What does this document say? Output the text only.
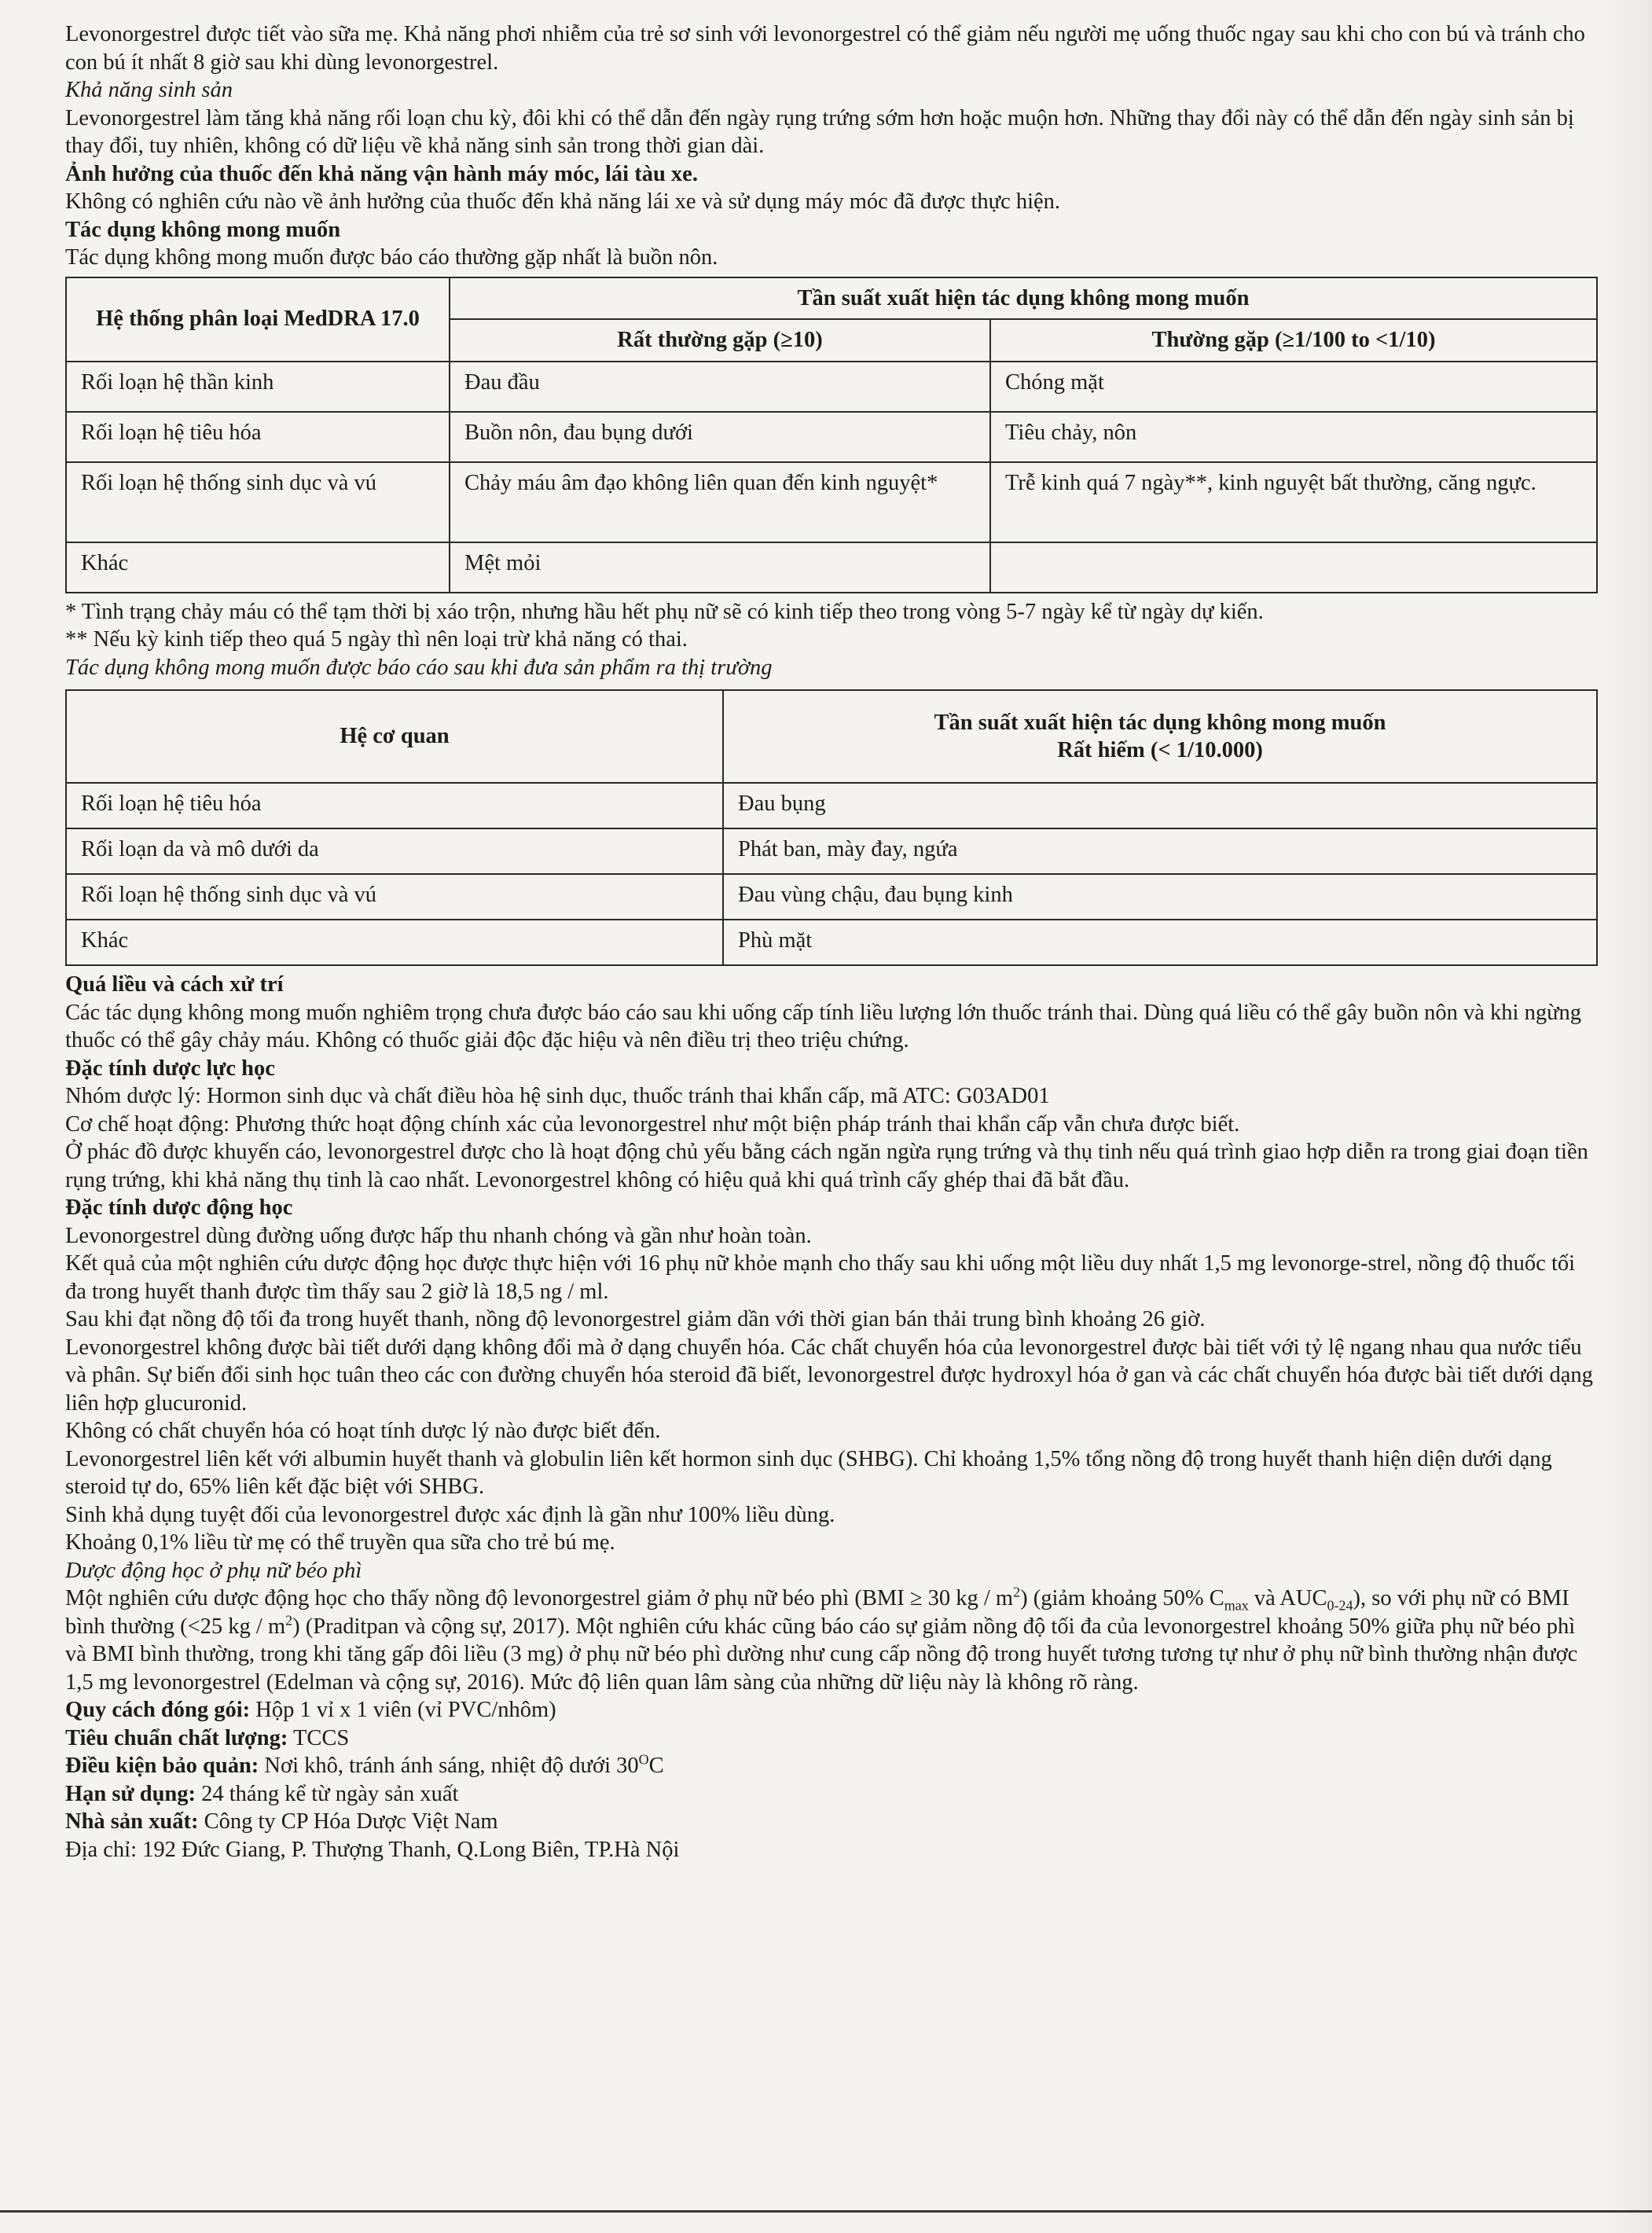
Levonorgestrel được tiết vào sữa mẹ. Khả năng phơi nhiễm của trẻ sơ sinh với levonorgestrel có thể giảm nếu người mẹ uống thuốc ngay sau khi cho con bú và tránh cho con bú ít nhất 8 giờ sau khi dùng levonorgestrel.

Khả năng sinh sản

Levonorgestrel làm tăng khả năng rối loạn chu kỳ, đôi khi có thể dẫn đến ngày rụng trứng sớm hơn hoặc muộn hơn. Những thay đổi này có thể dẫn đến ngày sinh sản bị thay đổi, tuy nhiên, không có dữ liệu về khả năng sinh sản trong thời gian dài.

Ảnh hưởng của thuốc đến khả năng vận hành máy móc, lái tàu xe.

Không có nghiên cứu nào về ảnh hưởng của thuốc đến khả năng lái xe và sử dụng máy móc đã được thực hiện.

Tác dụng không mong muốn

Tác dụng không mong muốn được báo cáo thường gặp nhất là buồn nôn.

Hệ thống phân loại MedDRA 17.0	Tần suất xuất hiện tác dụng không mong muốn	
	Rất thường gặp (≥10)	Thường gặp (≥1/100 to <1/10)
Rối loạn hệ thần kinh	Đau đầu	Chóng mặt
Rối loạn hệ tiêu hóa	Buồn nôn, đau bụng dưới	Tiêu chảy, nôn
Rối loạn hệ thống sinh dục và vú	Chảy máu âm đạo không liên quan đến kinh nguyệt*	Trễ kinh quá 7 ngày**, kinh nguyệt bất thường, căng ngực.
Khác	Mệt mỏi	

* Tình trạng chảy máu có thể tạm thời bị xáo trộn, nhưng hầu hết phụ nữ sẽ có kinh tiếp theo trong vòng 5-7 ngày kể từ ngày dự kiến.

** Nếu kỳ kinh tiếp theo quá 5 ngày thì nên loại trừ khả năng có thai.

Tác dụng không mong muốn được báo cáo sau khi đưa sản phẩm ra thị trường

Hệ cơ quan	Tần suất xuất hiện tác dụng không mong muốn
Rất hiếm (< 1/10.000)

Rối loạn hệ tiêu hóa	Đau bụng
Rối loạn da và mô dưới da	Phát ban, mày đay, ngứa
Rối loạn hệ thống sinh dục và vú	Đau vùng chậu, đau bụng kinh
Khác	Phù mặt

Quá liều và cách xử trí

Các tác dụng không mong muốn nghiêm trọng chưa được báo cáo sau khi uống cấp tính liều lượng lớn thuốc tránh thai. Dùng quá liều có thể gây buồn nôn và khi ngừng thuốc có thể gây chảy máu. Không có thuốc giải độc đặc hiệu và nên điều trị theo triệu chứng.

Đặc tính dược lực học

Nhóm dược lý: Hormon sinh dục và chất điều hòa hệ sinh dục, thuốc tránh thai khẩn cấp, mã ATC: G03AD01

Cơ chế hoạt động: Phương thức hoạt động chính xác của levonorgestrel như một biện pháp tránh thai khẩn cấp vẫn chưa được biết.

Ở phác đồ được khuyến cáo, levonorgestrel được cho là hoạt động chủ yếu bằng cách ngăn ngừa rụng trứng và thụ tinh nếu quá trình giao hợp diễn ra trong giai đoạn tiền rụng trứng, khi khả năng thụ tinh là cao nhất. Levonorgestrel không có hiệu quả khi quá trình cấy ghép thai đã bắt đầu.

Đặc tính dược động học

Levonorgestrel dùng đường uống được hấp thu nhanh chóng và gần như hoàn toàn.

Kết quả của một nghiên cứu dược động học được thực hiện với 16 phụ nữ khỏe mạnh cho thấy sau khi uống một liều duy nhất 1,5 mg levonorge-strel, nồng độ thuốc tối đa trong huyết thanh được tìm thấy sau 2 giờ là 18,5 ng / ml.

Sau khi đạt nồng độ tối đa trong huyết thanh, nồng độ levonorgestrel giảm dần với thời gian bán thải trung bình khoảng 26 giờ.

Levonorgestrel không được bài tiết dưới dạng không đổi mà ở dạng chuyển hóa. Các chất chuyển hóa của levonorgestrel được bài tiết với tỷ lệ ngang nhau qua nước tiểu và phân. Sự biến đổi sinh học tuân theo các con đường chuyển hóa steroid đã biết, levonorgestrel được hydroxyl hóa ở gan và các chất chuyển hóa được bài tiết dưới dạng liên hợp glucuronid.

Không có chất chuyển hóa có hoạt tính dược lý nào được biết đến.

Levonorgestrel liên kết với albumin huyết thanh và globulin liên kết hormon sinh dục (SHBG). Chỉ khoảng 1,5% tổng nồng độ trong huyết thanh hiện diện dưới dạng steroid tự do, 65% liên kết đặc biệt với SHBG.

Sinh khả dụng tuyệt đối của levonorgestrel được xác định là gần như 100% liều dùng.

Khoảng 0,1% liều từ mẹ có thể truyền qua sữa cho trẻ bú mẹ.

Dược động học ở phụ nữ béo phì

Một nghiên cứu dược động học cho thấy nồng độ levonorgestrel giảm ở phụ nữ béo phì (BMI ≥ 30 kg / $m^2$) (giảm khoảng 50% $C_{max}$ và $AUC_{0-24}$), so với phụ nữ có BMI bình thường (<25 kg / $m^2$) (Praditpan và cộng sự, 2017). Một nghiên cứu khác cũng báo cáo sự giảm nồng độ tối đa của levonorgestrel khoảng 50% giữa phụ nữ béo phì và BMI bình thường, trong khi tăng gấp đôi liều (3 mg) ở phụ nữ béo phì dường như cung cấp nồng độ trong huyết tương tương tự như ở phụ nữ bình thường nhận được 1,5 mg levonorgestrel (Edelman và cộng sự, 2016). Mức độ liên quan lâm sàng của những dữ liệu này là không rõ ràng.

Quy cách đóng gói: Hộp 1 vỉ x 1 viên (vỉ PVC/nhôm)

Tiêu chuẩn chất lượng: TCCS

Điều kiện bảo quản: Nơi khô, tránh ánh sáng, nhiệt độ dưới $30^OC$

Hạn sử dụng: 24 tháng kể từ ngày sản xuất

Nhà sản xuất: Công ty CP Hóa Dược Việt Nam

Địa chỉ: 192 Đức Giang, P. Thượng Thanh, Q.Long Biên, TP.Hà Nội
